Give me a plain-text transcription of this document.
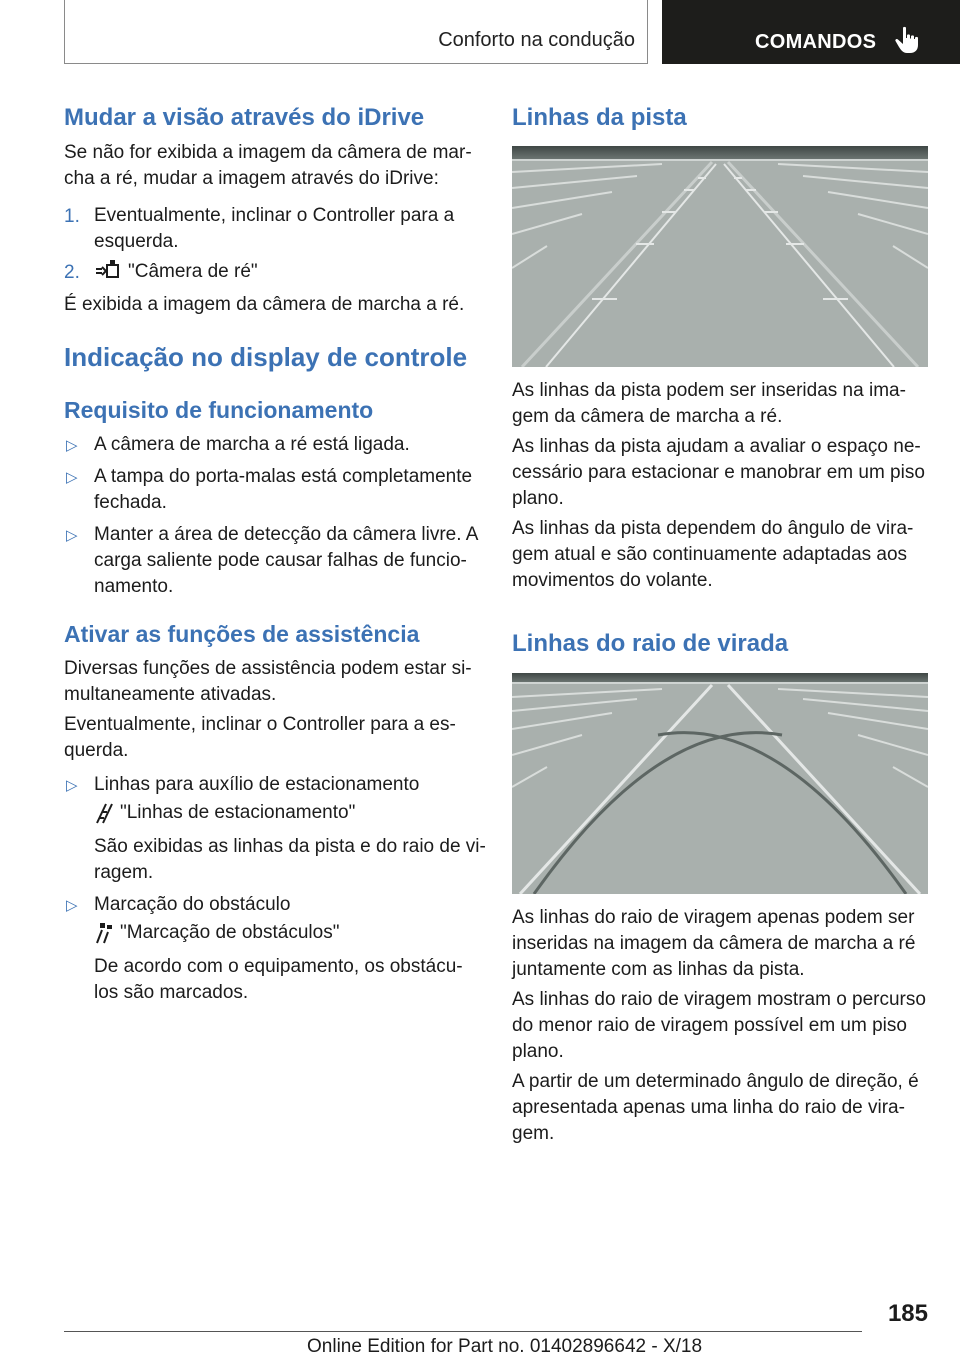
Conforto na condução	COMANDOS
Mudar a visão através do iDrive
Se não for exibida a imagem da câmera de mar-
cha a ré, mudar a imagem através do iDrive:
1. Eventualmente, inclinar o Controller para a
esquerda.
2.	"Câmera de ré"
É exibida a imagem da câmera de marcha a ré.
Indicação no display de controle
Requisito de funcionamento
▷ A câmera de marcha a ré está ligada.
▷ A tampa do porta-malas está completamente
fechada.
▷ Manter a área de detecção da câmera livre. A
carga saliente pode causar falhas de funcio-
namento.
Ativar as funções de assistência
Diversas funções de assistência podem estar si-
multaneamente ativadas.
Eventualmente, inclinar o Controller para a es-
querda.
▷ Linhas para auxílio de estacionamento
"Linhas de estacionamento"
São exibidas as linhas da pista e do raio de vi-
ragem.
▷ Marcação do obstáculo
"Marcação de obstáculos"
De acordo com o equipamento, os obstácu-
los são marcados.
Linhas da pista
As linhas da pista podem ser inseridas na ima-
gem da câmera de marcha a ré.
As linhas da pista ajudam a avaliar o espaço ne-
cessário para estacionar e manobrar em um piso
plano.
As linhas da pista dependem do ângulo de vira-
gem atual e são continuamente adaptadas aos
movimentos do volante.
Linhas do raio de virada
As linhas do raio de viragem apenas podem ser
inseridas na imagem da câmera de marcha a ré
juntamente com as linhas da pista.
As linhas do raio de viragem mostram o percurso
do menor raio de viragem possível em um piso
plano.
A partir de um determinado ângulo de direção, é
apresentada apenas uma linha do raio de vira-
gem.
185
Online Edition for Part no. 01402896642 - X/18
